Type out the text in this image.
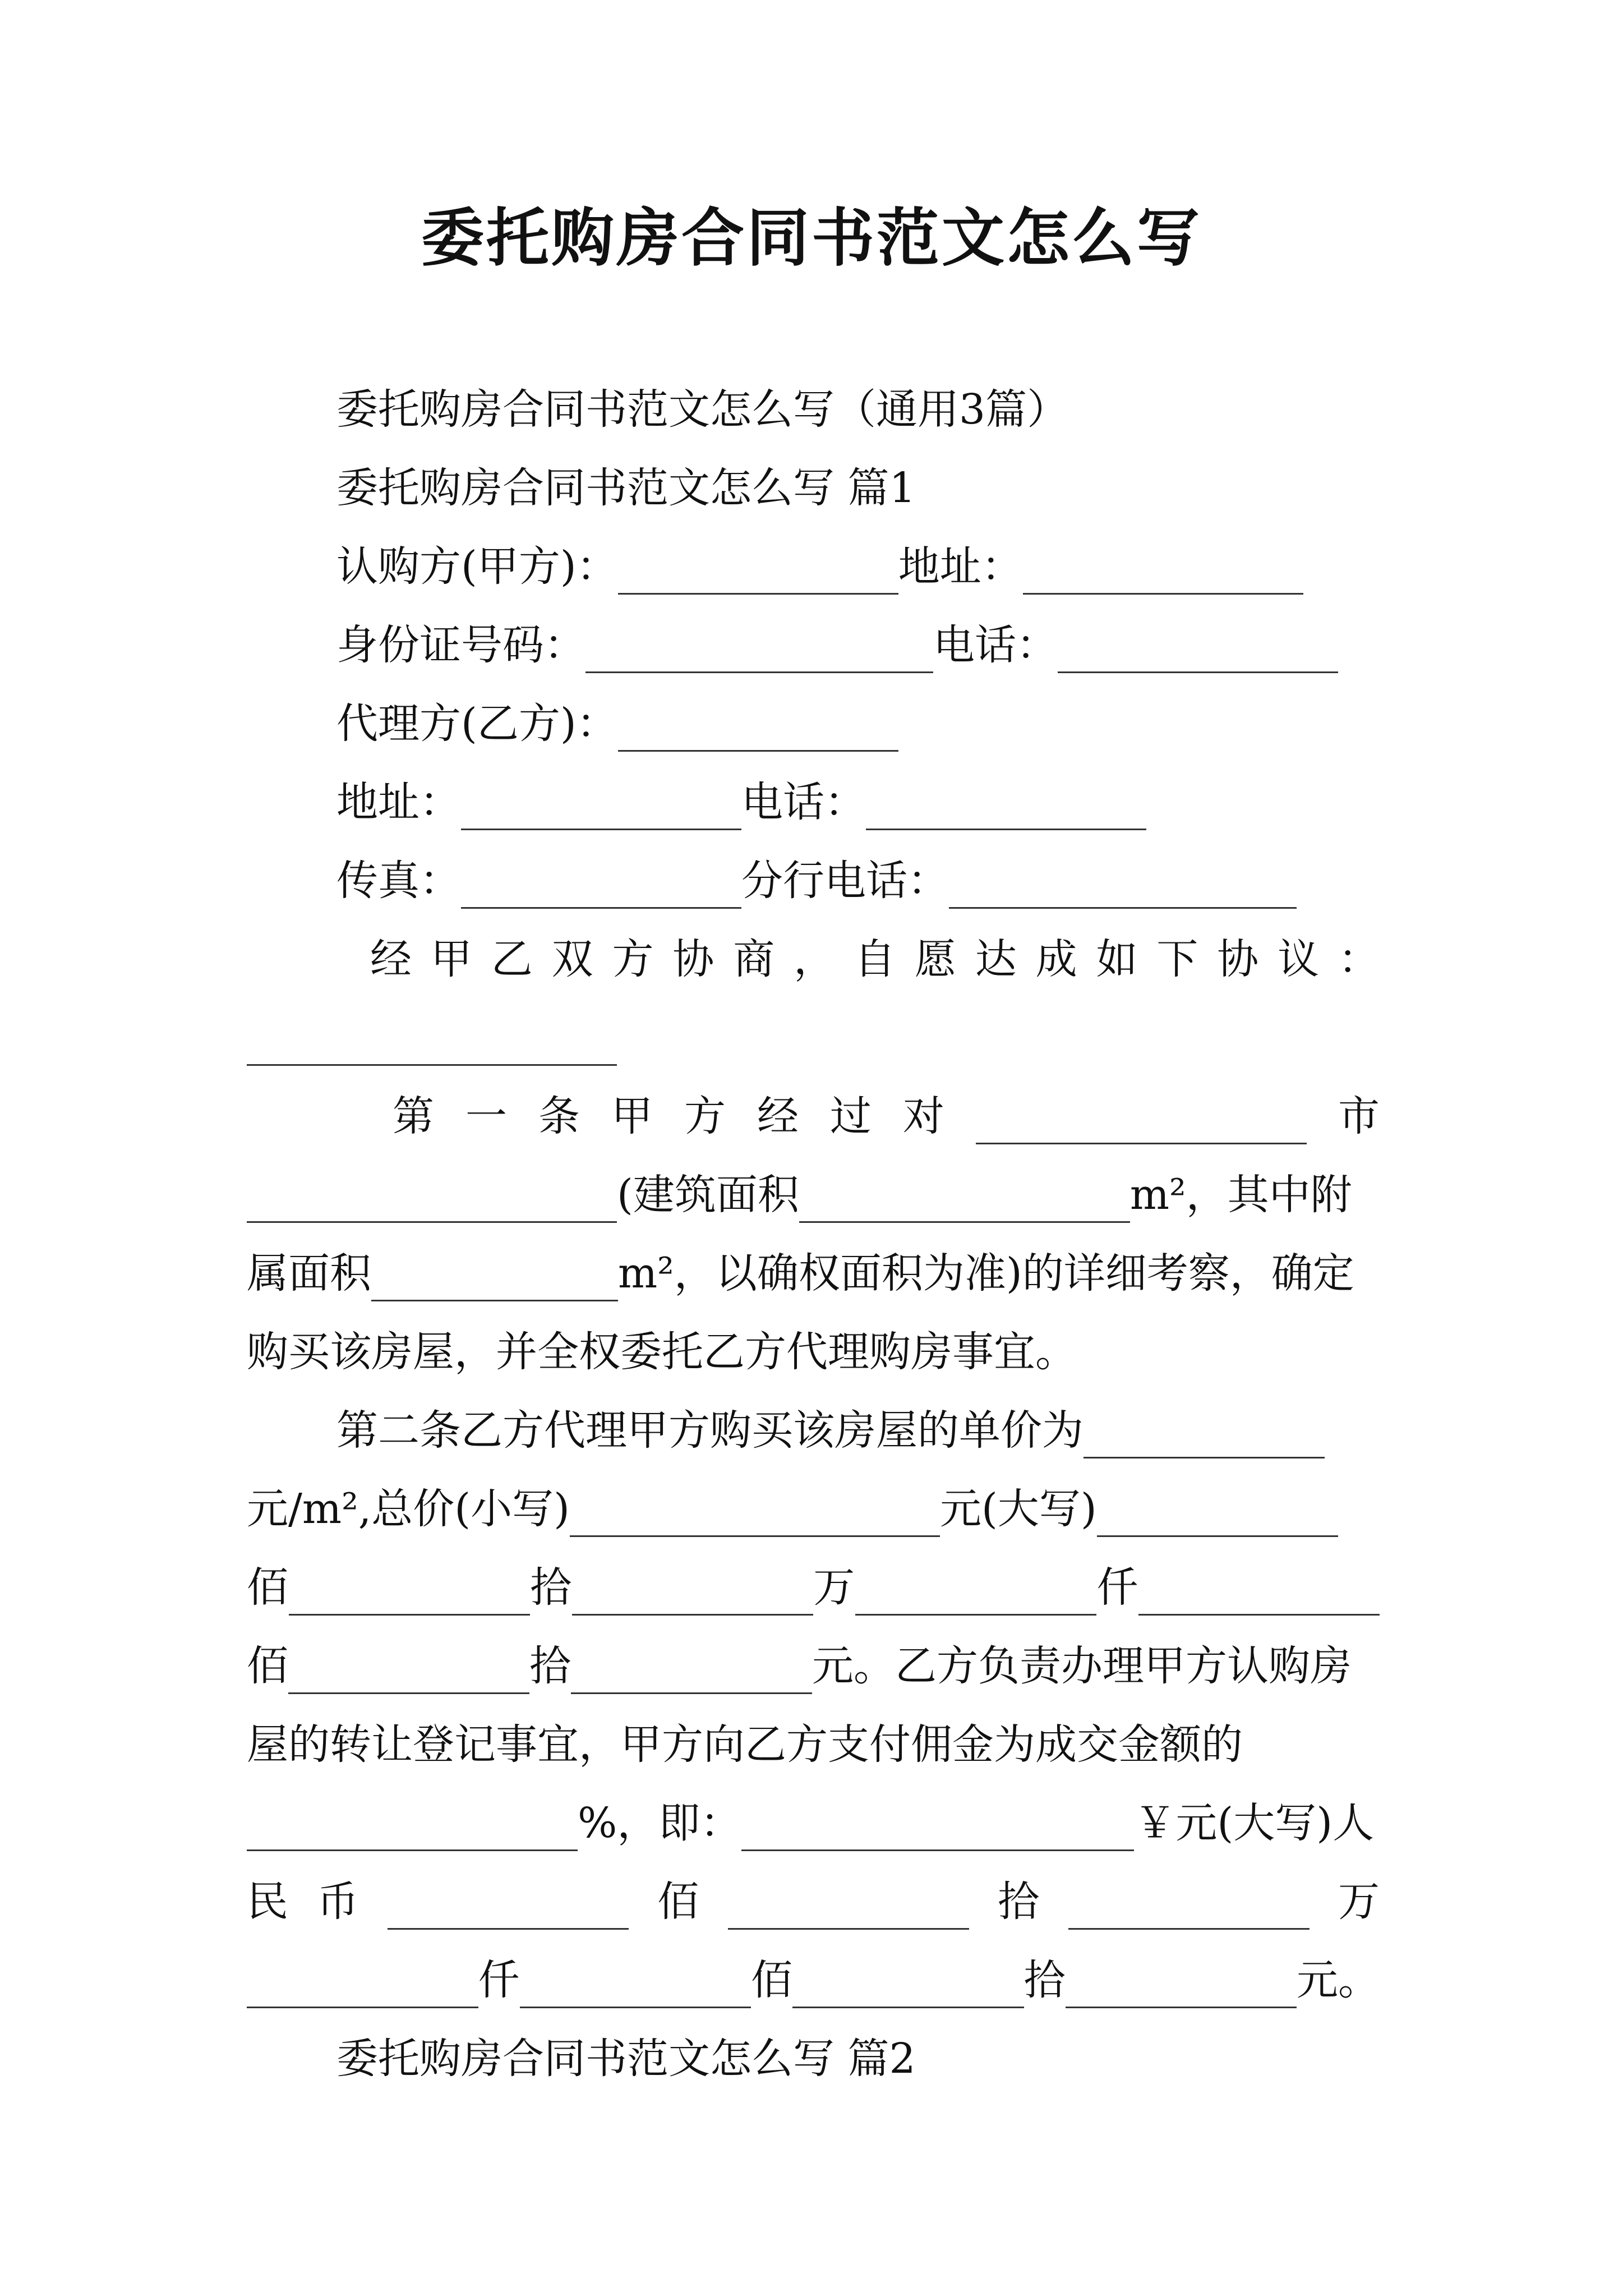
委托购房合同书范文怎么写
委托购房合同书范文怎么写（通用3篇）
委托购房合同书范文怎么写 篇1
认购方(甲方)：	地址：
身份证号码：	电话：
代理方(乙方)：
地址：	电话：
传真：	分行电话：
经 甲 乙 双 方 协 商 ， 自 愿 达 成 如 下 协 议 ：
第 一 条 甲 方 经 过 对	市
(建筑面积	m²，其中附
属面积	m²，以确权面积为准)的详细考察，确定
购买该房屋，并全权委托乙方代理购房事宜。
第二条乙方代理甲方购买该房屋的单价为
元/m²,总价(小写)	元(大写)
佰	拾	万	仟
佰	拾	元。乙方负责办理甲方认购房
屋的转让登记事宜，甲方向乙方支付佣金为成交金额的
%，即：	￥元(大写)人
民 币	佰	拾	万
仟	佰	拾	元。
委托购房合同书范文怎么写 篇2
